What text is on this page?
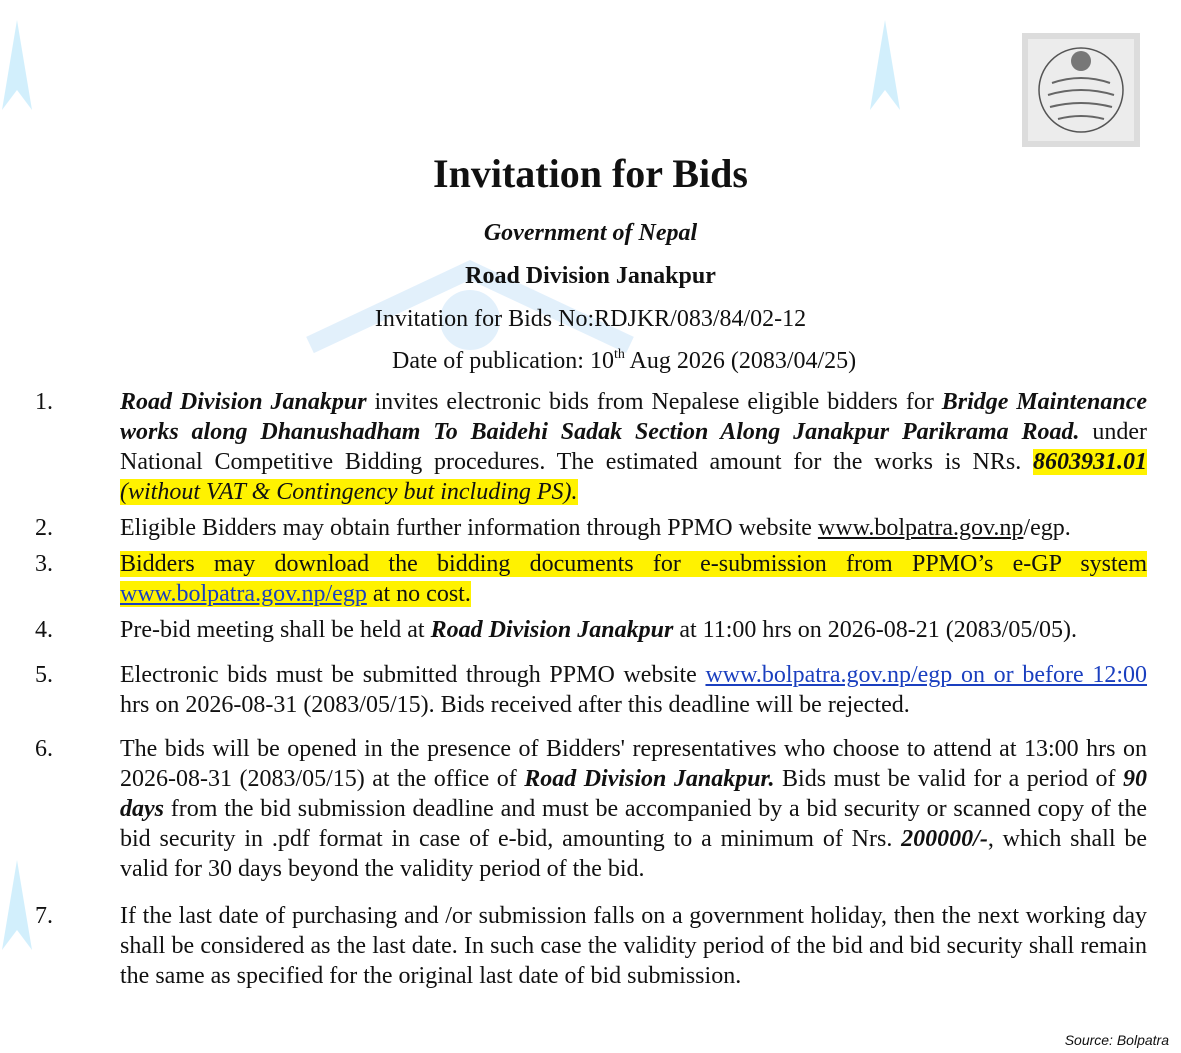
Invitation for Bids
Government of Nepal
Road Division Janakpur
Invitation for Bids No:RDJKR/083/84/02-12
Date of publication: 10th Aug 2026 (2083/04/25)
1.	Road Division Janakpur invites electronic bids from Nepalese eligible bidders for Bridge Maintenance works along Dhanushadham To Baidehi Sadak Section Along Janakpur Parikrama Road. under National Competitive Bidding procedures. The estimated amount for the works is NRs. 8603931.01 (without VAT & Contingency but including PS).

2.	Eligible Bidders may obtain further information through PPMO website www.bolpatra.gov.np/egp.

3.	Bidders may download the bidding documents for e-submission from PPMO’s e-GP system www.bolpatra.gov.np/egp at no cost.

4.	Pre-bid meeting shall be held at Road Division Janakpur at 11:00 hrs on 2026-08-21 (2083/05/05).

5.	Electronic bids must be submitted through PPMO website www.bolpatra.gov.np/egp on or before 12:00 hrs on 2026-08-31 (2083/05/15). Bids received after this deadline will be rejected.

6.	The bids will be opened in the presence of Bidders' representatives who choose to attend at 13:00 hrs on 2026-08-31 (2083/05/15) at the office of Road Division Janakpur. Bids must be valid for a period of 90 days from the bid submission deadline and must be accompanied by a bid security or scanned copy of the bid security in .pdf format in case of e-bid, amounting to a minimum of Nrs. 200000/-, which shall be valid for 30 days beyond the validity period of the bid.

7.	If the last date of purchasing and /or submission falls on a government holiday, then the next working day shall be considered as the last date. In such case the validity period of the bid and bid security shall remain the same as specified for the original last date of bid submission.

Source: Bolpatra
